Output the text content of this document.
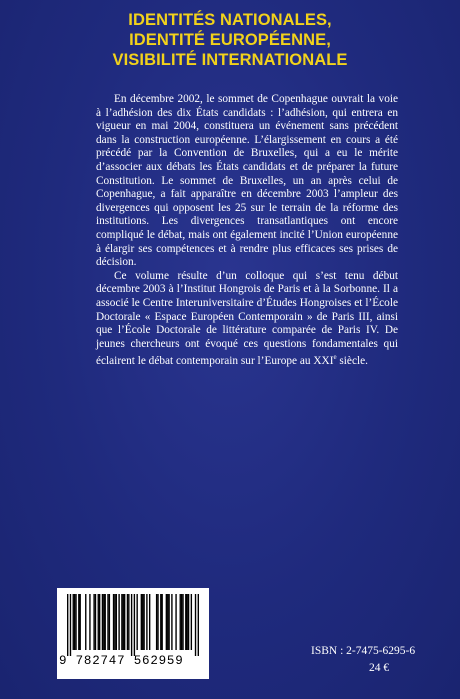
IDENTITÉS NATIONALES,
IDENTITÉ EUROPÉENNE,
VISIBILITÉ INTERNATIONALE

En décembre 2002, le sommet de Copenhague ouvrait la voie à l’adhésion des dix États candidats : l’adhésion, qui entrera en vigueur en mai 2004, constituera un événement sans précédent dans la construction européenne. L’élargissement en cours a été précédé par la Convention de Bruxelles, qui a eu le mérite d’associer aux débats les États candidats et de préparer la future Constitution. Le sommet de Bruxelles, un an après celui de Copenhague, a fait apparaître en décembre 2003 l’ampleur des divergences qui opposent les 25 sur le terrain de la réforme des institutions. Les divergences transatlantiques ont encore compliqué le débat, mais ont également incité l’Union européenne à élargir ses compétences et à rendre plus efficaces ses prises de décision.

Ce volume résulte d’un colloque qui s’est tenu début décembre 2003 à l’Institut Hongrois de Paris et à la Sorbonne. Il a associé le Centre Interuniversitaire d’Études Hongroises et l’École Doctorale « Espace Européen Contemporain » de Paris III, ainsi que l’École Doctorale de littérature comparée de Paris IV. De jeunes chercheurs ont évoqué ces questions fondamentales qui éclairent le débat contemporain sur l’Europe au XXIe siècle.

9 782747 562959
ISBN : 2-7475-6295-6
24 €
